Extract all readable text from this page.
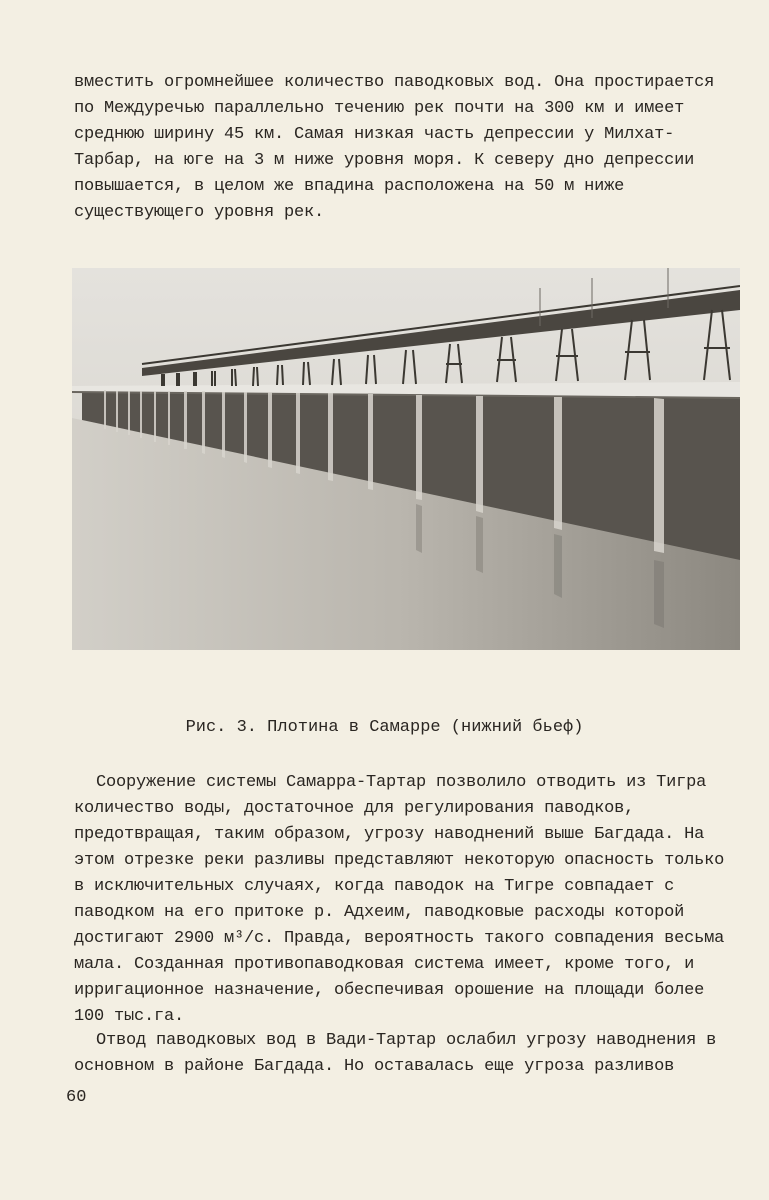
вместить огромнейшее количество паводковых вод. Она простирается по Междуречью параллельно течению рек почти на 300 км и имеет среднюю ширину 45 км. Самая низкая часть депрессии у Милхат-Тарбар, на юге на 3 м ниже уровня моря. К северу дно депрессии повышается, в целом же впадина расположена на 50 м ниже существующего уровня рек.

Рис. 3. Плотина в Самарре (нижний бьеф)

Сооружение системы Самарра-Тартар позволило отводить из Тигра количество воды, достаточное для регулирования паводков, предотвращая, таким образом, угрозу наводнений выше Багдада. На этом отрезке реки разливы представляют некоторую опасность только в исключительных случаях, когда паводок на Тигре совпадает с паводком на его притоке р. Адхеим, паводковые расходы которой достигают 2900 м³/с. Правда, вероятность такого совпадения весьма мала. Созданная противопаводковая система имеет, кроме того, и ирригационное назначение, обеспечивая орошение на площади более 100 тыс.га.

Отвод паводковых вод в Вади-Тартар ослабил угрозу наводнения в основном в районе Багдада. Но оставалась еще угроза разливов

60
